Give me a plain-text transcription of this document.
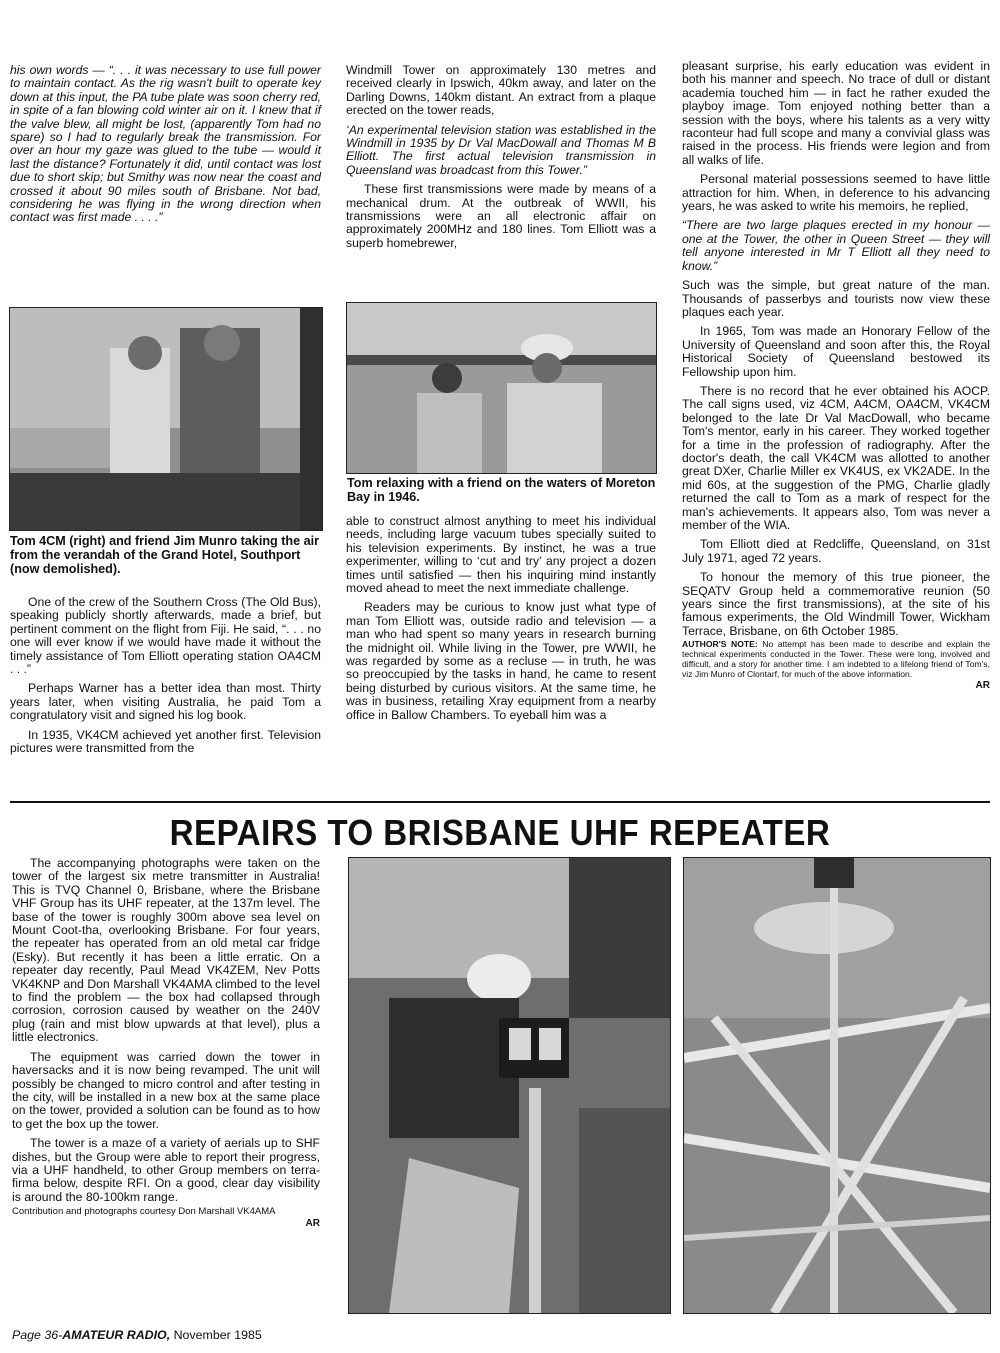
his own words — “. . . it was necessary to use full power to maintain contact. As the rig wasn't built to operate key down at this input, the PA tube plate was soon cherry red, in spite of a fan blowing cold winter air on it. I knew that if the valve blew, all might be lost, (apparently Tom had no spare) so I had to regularly break the transmission. For over an hour my gaze was glued to the tube — would it last the distance? Fortunately it did, until contact was lost due to short skip; but Smithy was now near the coast and crossed it about 90 miles south of Brisbane. Not bad, considering he was flying in the wrong direction when contact was first made . . . .”

Tom 4CM (right) and friend Jim Munro taking the air from the verandah of the Grand Hotel, Southport (now demolished).

One of the crew of the Southern Cross (The Old Bus), speaking publicly shortly afterwards, made a brief, but pertinent comment on the flight from Fiji. He said, “. . . no one will ever know if we would have made it without the timely assistance of Tom Elliott operating station OA4CM . . .”

Perhaps Warner has a better idea than most. Thirty years later, when visiting Australia, he paid Tom a congratulatory visit and signed his log book.

In 1935, VK4CM achieved yet another first. Television pictures were transmitted from the

Windmill Tower on approximately 130 metres and received clearly in Ipswich, 40km away, and later on the Darling Downs, 140km distant. An extract from a plaque erected on the tower reads,

‘An experimental television station was established in the Windmill in 1935 by Dr Val MacDowall and Thomas M B Elliott. The first actual television transmission in Queensland was broadcast from this Tower.”

These first transmissions were made by means of a mechanical drum. At the outbreak of WWII, his transmissions were an all electronic affair on approximately 200MHz and 180 lines. Tom Elliott was a superb homebrewer,

Tom relaxing with a friend on the waters of Moreton Bay in 1946.

able to construct almost anything to meet his individual needs, including large vacuum tubes specially suited to his television experiments. By instinct, he was a true experimenter, willing to ‘cut and try’ any project a dozen times until satisfied — then his inquiring mind instantly moved ahead to meet the next immediate challenge.

Readers may be curious to know just what type of man Tom Elliott was, outside radio and television — a man who had spent so many years in research burning the midnight oil. While living in the Tower, pre WWII, he was regarded by some as a recluse — in truth, he was so preoccupied by the tasks in hand, he came to resent being disturbed by curious visitors. At the same time, he was in business, retailing Xray equipment from a nearby office in Ballow Chambers. To eyeball him was a

pleasant surprise, his early education was evident in both his manner and speech. No trace of dull or distant academia touched him — in fact he rather exuded the playboy image. Tom enjoyed nothing better than a session with the boys, where his talents as a very witty raconteur had full scope and many a convivial glass was raised in the process. His friends were legion and from all walks of life.

Personal material possessions seemed to have little attraction for him. When, in deference to his advancing years, he was asked to write his memoirs, he replied,

“There are two large plaques erected in my honour — one at the Tower, the other in Queen Street — they will tell anyone interested in Mr T Elliott all they need to know.”

Such was the simple, but great nature of the man. Thousands of passerbys and tourists now view these plaques each year.

In 1965, Tom was made an Honorary Fellow of the University of Queensland and soon after this, the Royal Historical Society of Queensland bestowed its Fellowship upon him.

There is no record that he ever obtained his AOCP. The call signs used, viz 4CM, A4CM, OA4CM, VK4CM belonged to the late Dr Val MacDowall, who became Tom's mentor, early in his career. They worked together for a time in the profession of radiography. After the doctor's death, the call VK4CM was allotted to another great DXer, Charlie Miller ex VK4US, ex VK2ADE. In the mid 60s, at the suggestion of the PMG, Charlie gladly returned the call to Tom as a mark of respect for the man's achievements. It appears also, Tom was never a member of the WIA.

Tom Elliott died at Redcliffe, Queensland, on 31st July 1971, aged 72 years.

To honour the memory of this true pioneer, the SEQATV Group held a commemorative reunion (50 years since the first transmissions), at the site of his famous experiments, the Old Windmill Tower, Wickham Terrace, Brisbane, on 6th October 1985.

AUTHOR'S NOTE: No attempt has been made to describe and explain the technical experiments conducted in the Tower. These were long, involved and difficult, and a story for another time. I am indebted to a lifelong friend of Tom's, viz Jim Munro of Clontarf, for much of the above information.

AR

REPAIRS TO BRISBANE UHF REPEATER

The accompanying photographs were taken on the tower of the largest six metre transmitter in Australia! This is TVQ Channel 0, Brisbane, where the Brisbane VHF Group has its UHF repeater, at the 137m level. The base of the tower is roughly 300m above sea level on Mount Coot-tha, overlooking Brisbane. For four years, the repeater has operated from an old metal car fridge (Esky). But recently it has been a little erratic. On a repeater day recently, Paul Mead VK4ZEM, Nev Potts VK4KNP and Don Marshall VK4AMA climbed to the level to find the problem — the box had collapsed through corrosion, corrosion caused by weather on the 240V plug (rain and mist blow upwards at that level), plus a little electronics.

The equipment was carried down the tower in haversacks and it is now being revamped. The unit will possibly be changed to micro control and after testing in the city, will be installed in a new box at the same place on the tower, provided a solution can be found as to how to get the box up the tower.

The tower is a maze of a variety of aerials up to SHF dishes, but the Group were able to report their progress, via a UHF handheld, to other Group members on terra-firma below, despite RFI. On a good, clear day visibility is around the 80-100km range.

Contribution and photographs courtesy Don Marshall VK4AMA

AR

Page 36-AMATEUR RADIO, November 1985
